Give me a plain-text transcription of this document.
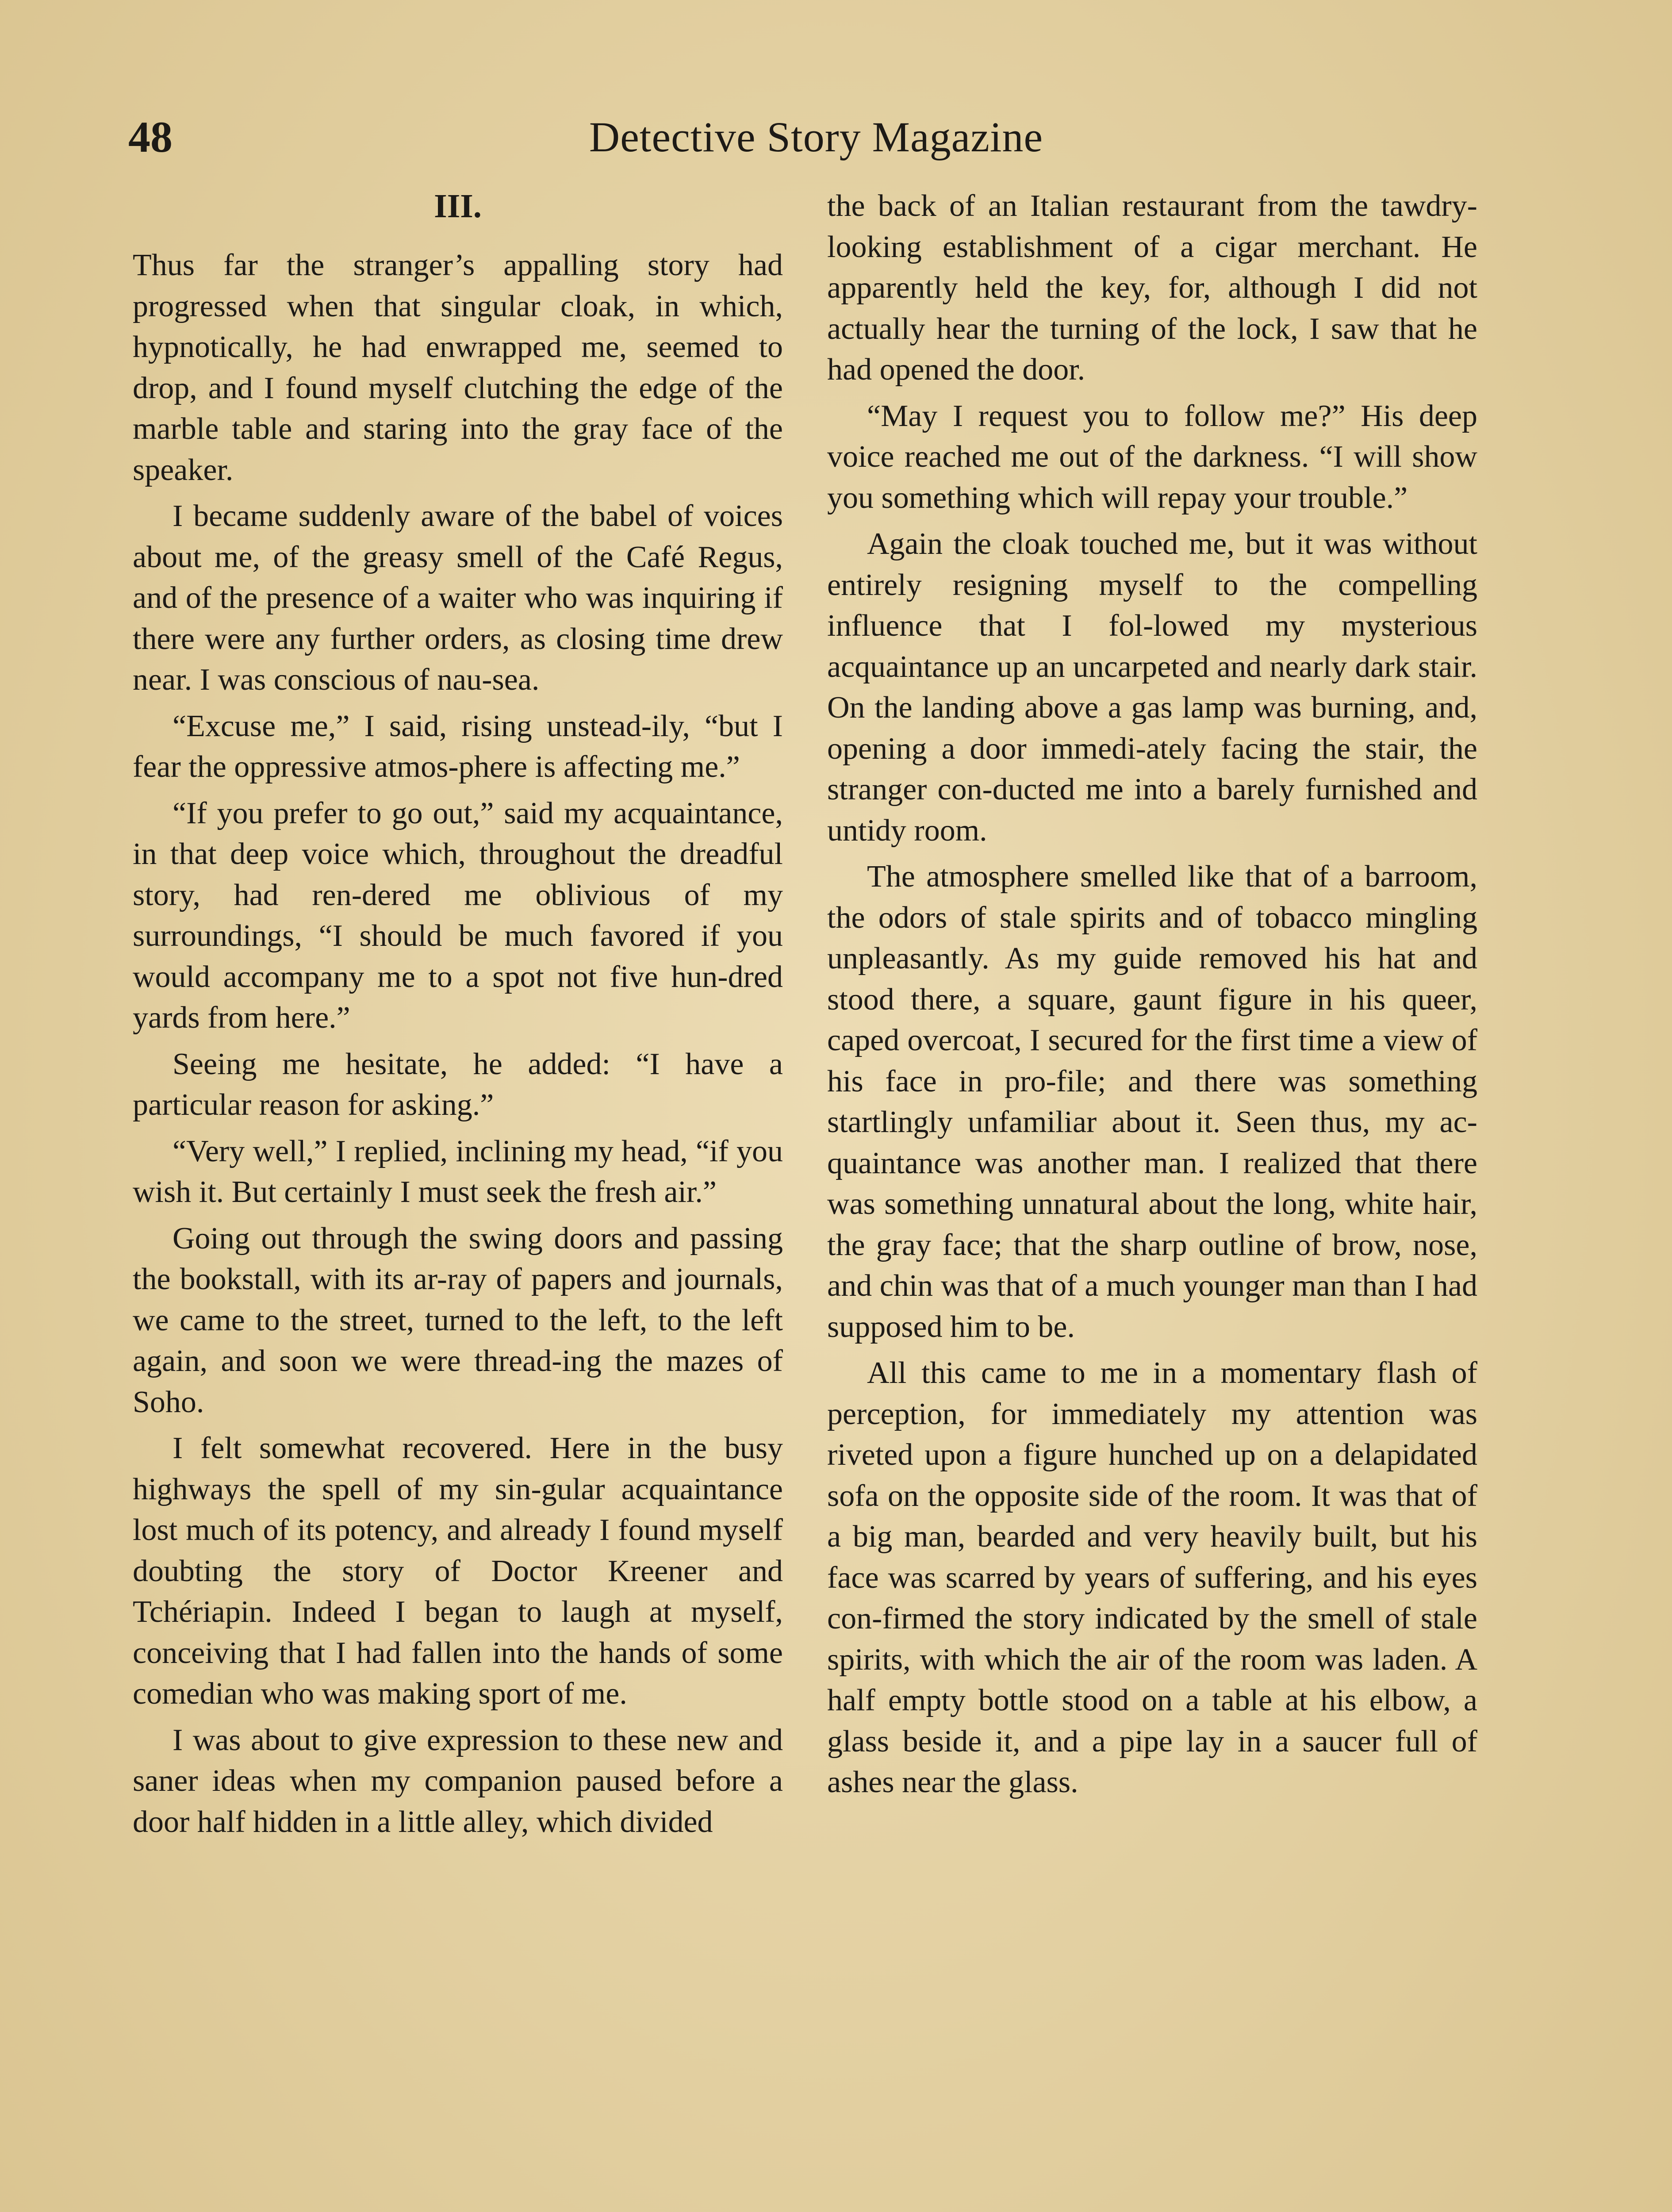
48	Detective Story Magazine
III.

Thus far the stranger’s appalling story had progressed when that singular cloak, in which, hypnotically, he had enwrapped me, seemed to drop, and I found myself clutching the edge of the marble table and staring into the gray face of the speaker.

I became suddenly aware of the babel of voices about me, of the greasy smell of the Café Regus, and of the presence of a waiter who was inquiring if there were any further orders, as closing time drew near. I was conscious of nau-sea.

“Excuse me,” I said, rising unstead-ily, “but I fear the oppressive atmos-phere is affecting me.”

“If you prefer to go out,” said my acquaintance, in that deep voice which, throughout the dreadful story, had ren-dered me oblivious of my surroundings, “I should be much favored if you would accompany me to a spot not five hun-dred yards from here.”

Seeing me hesitate, he added: “I have a particular reason for asking.”

“Very well,” I replied, inclining my head, “if you wish it. But certainly I must seek the fresh air.”

Going out through the swing doors and passing the bookstall, with its ar-ray of papers and journals, we came to the street, turned to the left, to the left again, and soon we were thread-ing the mazes of Soho.

I felt somewhat recovered. Here in the busy highways the spell of my sin-gular acquaintance lost much of its potency, and already I found myself doubting the story of Doctor Kreener and Tchériapin. Indeed I began to laugh at myself, conceiving that I had fallen into the hands of some comedian who was making sport of me.

I was about to give expression to these new and saner ideas when my companion paused before a door half hidden in a little alley, which divided

the back of an Italian restaurant from the tawdry-looking establishment of a cigar merchant. He apparently held the key, for, although I did not actually hear the turning of the lock, I saw that he had opened the door.

“May I request you to follow me?” His deep voice reached me out of the darkness. “I will show you something which will repay your trouble.”

Again the cloak touched me, but it was without entirely resigning myself to the compelling influence that I fol-lowed my mysterious acquaintance up an uncarpeted and nearly dark stair. On the landing above a gas lamp was burning, and, opening a door immedi-ately facing the stair, the stranger con-ducted me into a barely furnished and untidy room.

The atmosphere smelled like that of a barroom, the odors of stale spirits and of tobacco mingling unpleasantly. As my guide removed his hat and stood there, a square, gaunt figure in his queer, caped overcoat, I secured for the first time a view of his face in pro-file; and there was something startlingly unfamiliar about it. Seen thus, my ac-quaintance was another man. I realized that there was something unnatural about the long, white hair, the gray face; that the sharp outline of brow, nose, and chin was that of a much younger man than I had supposed him to be.

All this came to me in a momentary flash of perception, for immediately my attention was riveted upon a figure hunched up on a delapidated sofa on the opposite side of the room. It was that of a big man, bearded and very heavily built, but his face was scarred by years of suffering, and his eyes con-firmed the story indicated by the smell of stale spirits, with which the air of the room was laden. A half empty bottle stood on a table at his elbow, a glass beside it, and a pipe lay in a saucer full of ashes near the glass.
